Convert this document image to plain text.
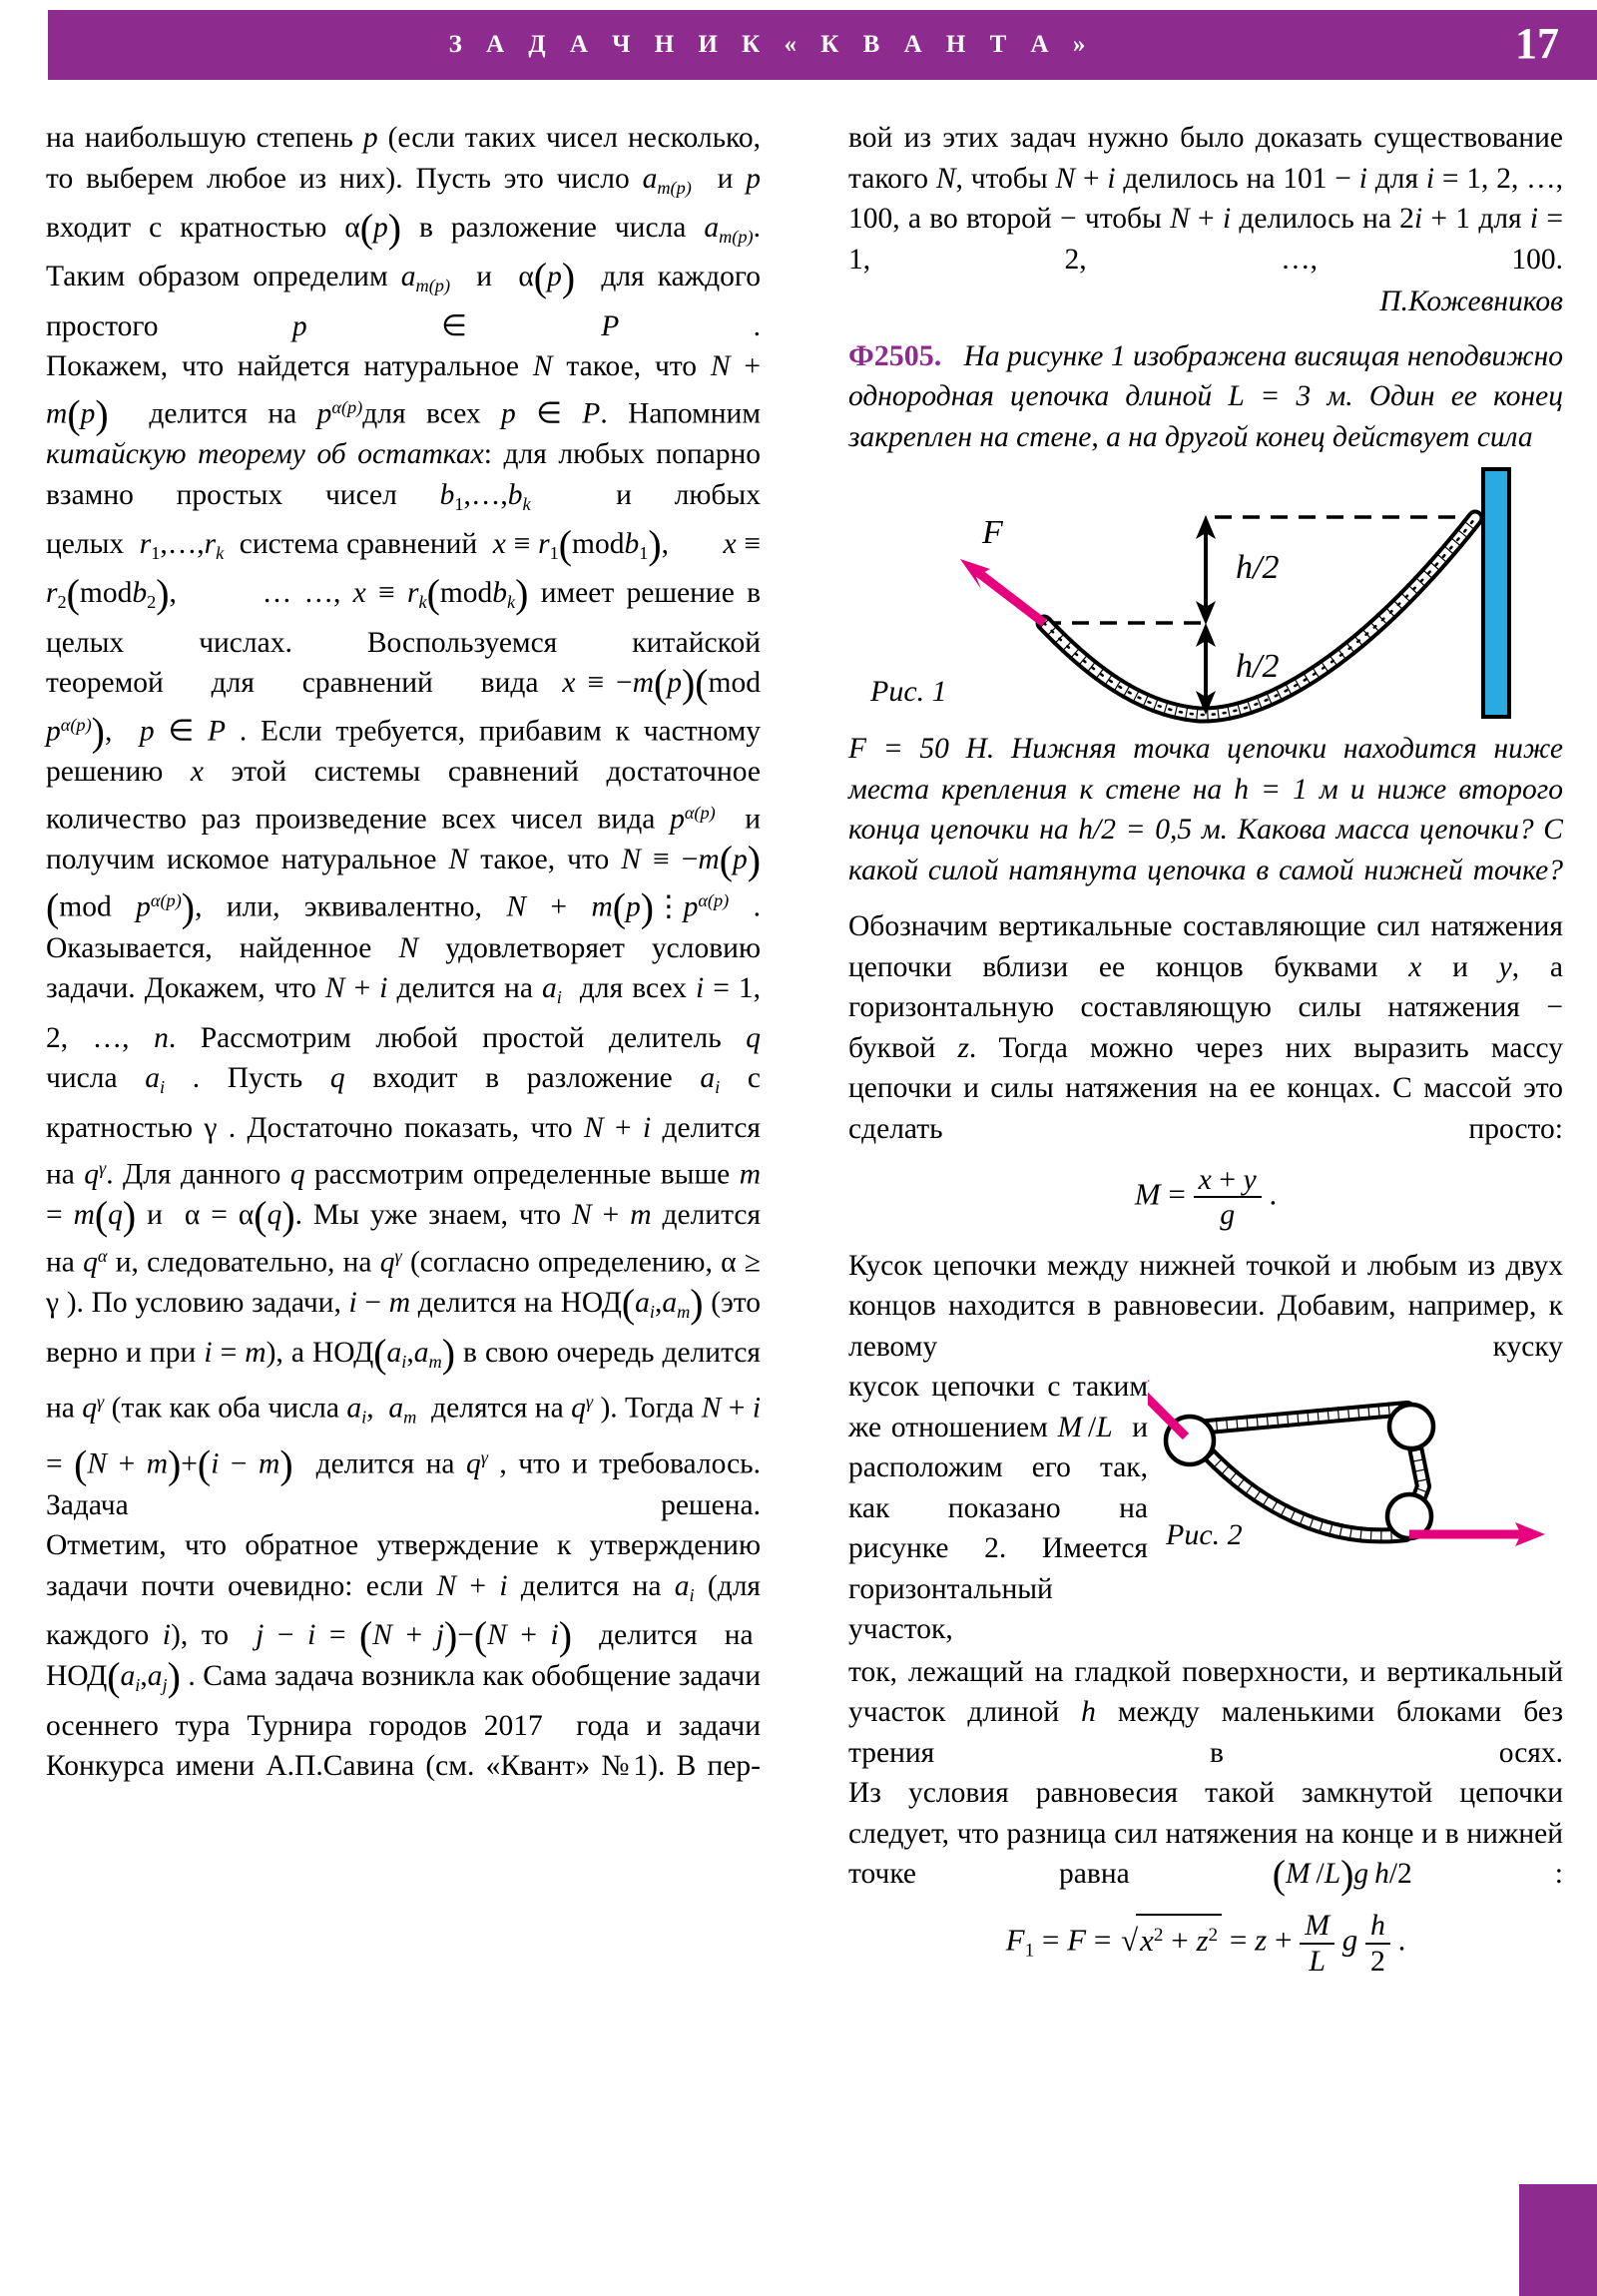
З А Д А Ч Н И К « К В А Н Т А »	17
на наибольшую степень p (если таких чисел несколько, то выберем любое из них). Пусть это число $a_{m(p)}$  и p входит с кратностью α(p) в разложение числа $a_{m(p)}$. Таким образом определим $a_{m(p)}$  и  α(p)  для каждого простого p ∈ P .
Покажем, что найдется натуральное N такое, что N + m(p)  делится на $p^{\alpha(p)}для$ всех p ∈ P. Напомним китайскую теорему об остатках: для любых попарно взамно простых чисел $b1,\dots,b_k$  и любых целых  $r1,\dots,r_k$  система сравнений  x ≡ r1(modb1),       x ≡ r2(modb2),       … …, $x \equiv r_k(modb_k)$ имеет решение в целых числах. Воспользуемся китайской теоремой    для    сравнений    вида  x ≡ −m(p)(mod $p^{\alpha(p)}$),  p ∈ P . Если требуется, прибавим к частному решению x этой системы сравнений достаточное количество раз произведение всех чисел вида $p^{\alpha(p)}$  и получим искомое натуральное N такое, что N ≡ −m(p)(mod $p^{\alpha(p)}$), или, эквивалентно, $N + m(p)⋮p^{\alpha(p)}$ .
Оказывается, найденное N удовлетворяет условию задачи. Докажем, что N + i делится на $a_i$  для всех i = 1, 2, …, n. Рассмотрим любой простой делитель q числа $a_i$ . Пусть q входит в разложение $a_i$ с кратностью γ . Достаточно показать, что N + i делится на $q^\gamma$. Для данного q рассмотрим определенные выше m = m(q) и  α = α(q). Мы уже знаем, что N + m делится на $q^\alpha$ и, следовательно, на $q^\gamma$ (согласно определению, α ≥ γ ). По условию задачи, i − m делится на $НОД(a_i,a_m)$ (это верно и при i = m), а $НОД(a_i,a_m)$ в свою очередь делится на $q^\gamma$ (так как оба числа $a_i$,  $a_m$  делятся на $q^\gamma$ ). Тогда N + i = (N + m)+(i − m)  делится на $q^\gamma$ , что и требовалось. Задача решена.
Отметим, что обратное утверждение к утверждению задачи почти очевидно: если N + i делится на $a_i$ (для каждого i), то  j − i = (N + j)−(N + i)  делится  на  $НОД(a_i,a_j)$ . Сама задача возникла как обобщение задачи осеннего тура Турнира городов 2017  года и задачи Конкурса имени А.П.Савина (см. «Квант» №1). В пер-
вой из этих задач нужно было доказать существование такого N, чтобы N + i делилось на 101 − i для i = 1, 2, …, 100, а во второй − чтобы N + i делилось на 2i + 1 для i = 1, 2, …, 100.
П.Кожевников
Ф2505.   На рисунке 1 изображена висящая неподвижно однородная цепочка длиной L = 3 м. Один ее конец закреплен на стене, а на другой конец действует сила
F
h/2
h/2
Рис. 1
F = 50 Н. Нижняя точка цепочки находится ниже места крепления к стене на h = 1 м и ниже второго конца цепочки на h/2 = 0,5 м. Какова масса цепочки? С какой силой натянута цепочка в самой нижней точке?
Обозначим вертикальные составляющие сил натяжения цепочки вблизи ее концов буквами x и y, а горизонтальную составляющую силы натяжения − буквой z. Тогда можно через них выразить массу цепочки и силы натяжения на ее концах. С массой это сделать просто:
$M = \frac{x + y}{g}$ .
Кусок цепочки между нижней точкой и любым из двух концов находится в равновесии. Добавим, например, к левому куску
кусок цепочки с таким же отношением M /L  и расположим его так, как показано на рисунке 2. Имеется горизонтальный участок,
Рис. 2
ток, лежащий на гладкой поверхности, и вертикальный участок длиной h между маленькими блоками без трения в осях.
Из условия равновесия такой замкнутой цепочки следует, что разница сил натяжения на конце и в нижней точке равна (M /L)g  h/2 :
$F1 = F = √x^2 + z^2 = z + \frac{M}{L}$ g $\frac{h}{2}$ .
